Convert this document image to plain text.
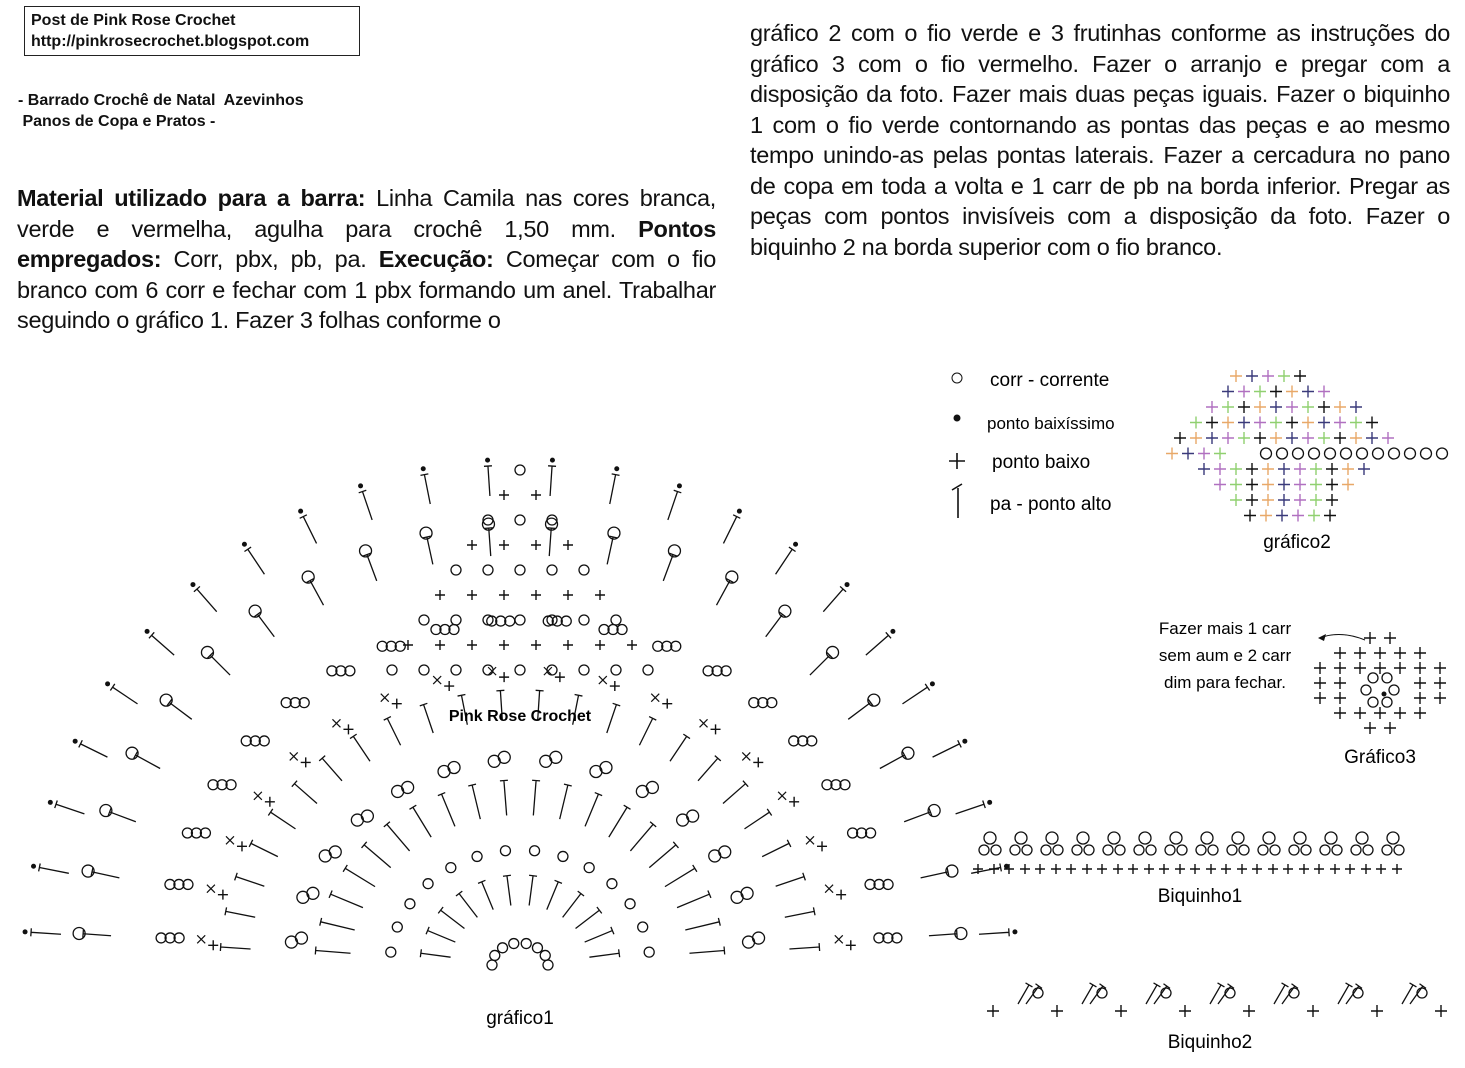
Post de Pink Rose Crochet
http://pinkrosecrochet.blogspot.com
- Barrado Crochê de Natal  Azevinhos
Panos de Copa e Pratos -
Material utilizado para a barra: Linha Camila nas cores branca, verde e vermelha, agulha para crochê 1,50 mm. Pontos empregados: Corr, pbx, pb, pa. Execução: Começar com o fio branco com 6 corr e fechar com 1 pbx formando um anel. Trabalhar seguindo o gráfico 1. Fazer 3 folhas conforme o
gráfico 2 com o fio verde e 3 frutinhas conforme as instruções do gráfico 3 com o fio vermelho. Fazer o arranjo e pregar com a disposição da foto. Fazer mais duas peças iguais. Fazer o biquinho 1 com o fio verde contornando as pontas das peças e ao mesmo tempo unindo-as pelas pontas laterais. Fazer a cercadura no pano de copa em toda a volta e 1 carr de pb na borda inferior. Pregar as peças com pontos invisíveis com a disposição da foto. Fazer o biquinho 2 na borda superior com o fio branco.
Pink Rose Crochet
gráfico1
corr - corrente
ponto baixíssimo
ponto baixo
pa - ponto alto
gráfico2
Fazer mais 1 carr
sem aum e 2 carr
dim para fechar.
Gráfico3
Biquinho1
Biquinho2
